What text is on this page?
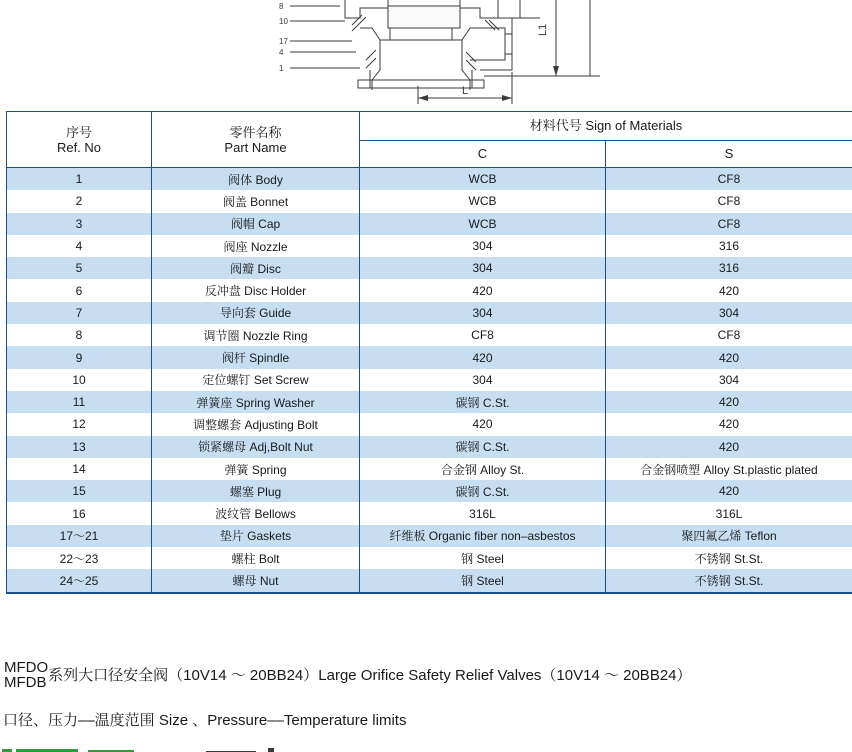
8
10
17
4
1
L1
L
序号
Ref. No	零件名称
Part Name	材料代号 Sign of Materials	
		C	S
1	阀体 Body	WCB	CF8
2	阀盖 Bonnet	WCB	CF8
3	阀帽 Cap	WCB	CF8
4	阀座 Nozzle	304	316
5	阀瓣 Disc	304	316
6	反冲盘 Disc Holder	420	420
7	导向套 Guide	304	304
8	调节圈 Nozzle Ring	CF8	CF8
9	阀杆 Spindle	420	420
10	定位螺钉 Set Screw	304	304
11	弹簧座 Spring Washer	碳钢 C.St.	420
12	调整螺套 Adjusting Bolt	420	420
13	锁紧螺母 Adj,Bolt Nut	碳钢 C.St.	420
14	弹簧 Spring	合金钢 Alloy St.	合金钢喷塑 Alloy St.plastic plated
15	螺塞 Plug	碳钢 C.St.	420
16	波纹管 Bellows	316L	316L
17～21	垫片 Gaskets	纤维板 Organic fiber non–asbestos	聚四氟乙烯 Teflon
22～23	螺柱 Bolt	钢 Steel	不锈钢 St.St.
24～25	螺母 Nut	钢 Steel	不锈钢 St.St.
MFDO
MFDB 系列大口径安全阀（10V14 ～ 20BB24）Large Orifice Safety Relief Valves（10V14 ～ 20BB24）
口径、压力––温度范围 Size 、Pressure––Temperature limits
